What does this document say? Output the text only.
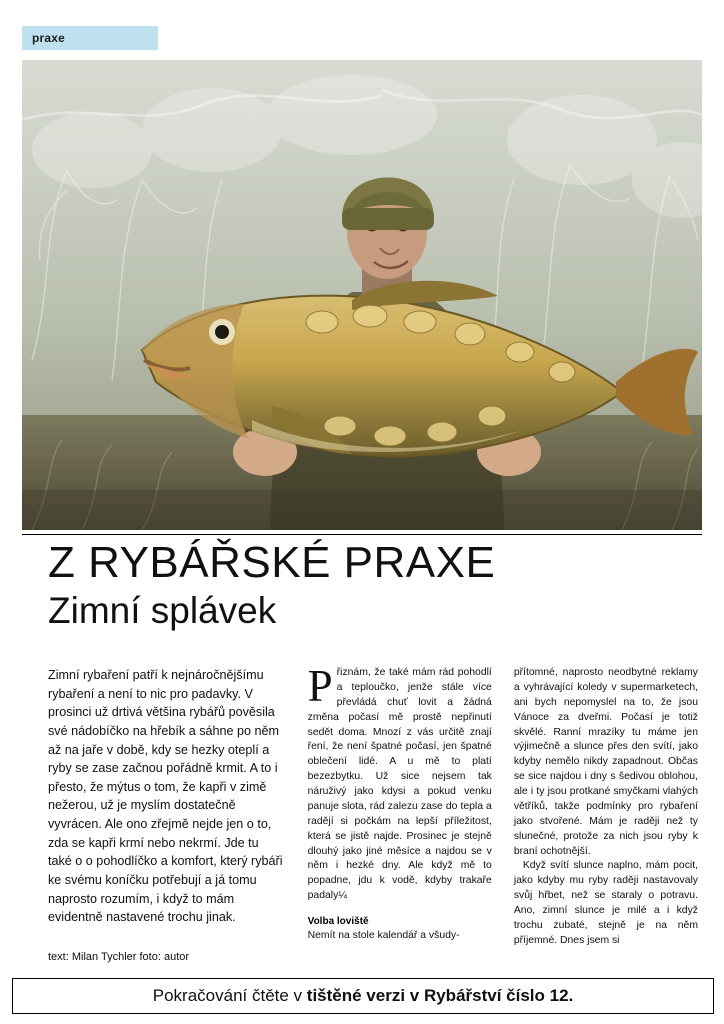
praxe
Z RYBÁŘSKÉ PRAXE
Zimní splávek

Zimní rybaření patří k nejnáročnějšímu rybaření a není to nic pro padavky. V prosinci už drtivá většina rybářů pověsila své nádobíčko na hřebík a sáhne po něm až na jaře v době, kdy se hezky oteplí a ryby se zase začnou pořádně krmit. A to i přesto, že mýtus o tom, že kapři v zimě nežerou, už je myslím dostatečně vyvrácen. Ale ono zřejmě nejde jen o to, zda se kapři krmí nebo nekrmí. Jde tu také o o pohodlíčko a komfort, který rybáři ke svému koníčku potřebují a já tomu naprosto rozumím, i když to mám evidentně nastavené trochu jinak.

text: Milan Tychler foto: autor

Přiznám, že také mám rád pohodlí a teploučko, jenže stále více převládá chuť lovit a žádná změna počasí mě prostě nepřinutí sedět doma. Mnozí z vás určitě znají ření, že není špatné počasí, jen špatné oblečení lidé. A u mě to platí bezezbytku. Už sice nejsem tak náruživý jako kdysi a pokud venku panuje slota, rád zalezu zase do tepla a radějí si počkám na lepší příležitost, která se jistě najde. Prosinec je stejně dlouhý jako jiné měsíce a najdou se v něm i hezké dny. Ale když mě to popadne, jdu k vodě, kdyby trakaře padaly¼

Volba loviště

Nemít na stole kalendář a všudy-

přítomné, naprosto neodbytné reklamy a vyhrávající koledy v supermarketech, ani bych nepomyslel na to, že jsou Vánoce za dveřmi. Počasí je totiž skvělé. Ranní mrazíky tu máme jen výjimečně a slunce přes den svítí, jako kdyby nemělo nikdy zapadnout. Občas se sice najdou i dny s šedivou oblohou, ale i ty jsou protkané smyčkami vlahých větříků, takže podmínky pro rybaření jako stvořené. Mám je raději než ty slunečné, protože za nich jsou ryby k braní ochotnější.

Když svítí slunce naplno, mám pocit, jako kdyby mu ryby raději nastavovaly svůj hřbet, než se staraly o potravu. Ano, zimní slunce je milé a i když trochu zubaté, stejně je na něm příjemné. Dnes jsem si

Pokračování čtěte v tištěné verzi v Rybářství číslo 12.
